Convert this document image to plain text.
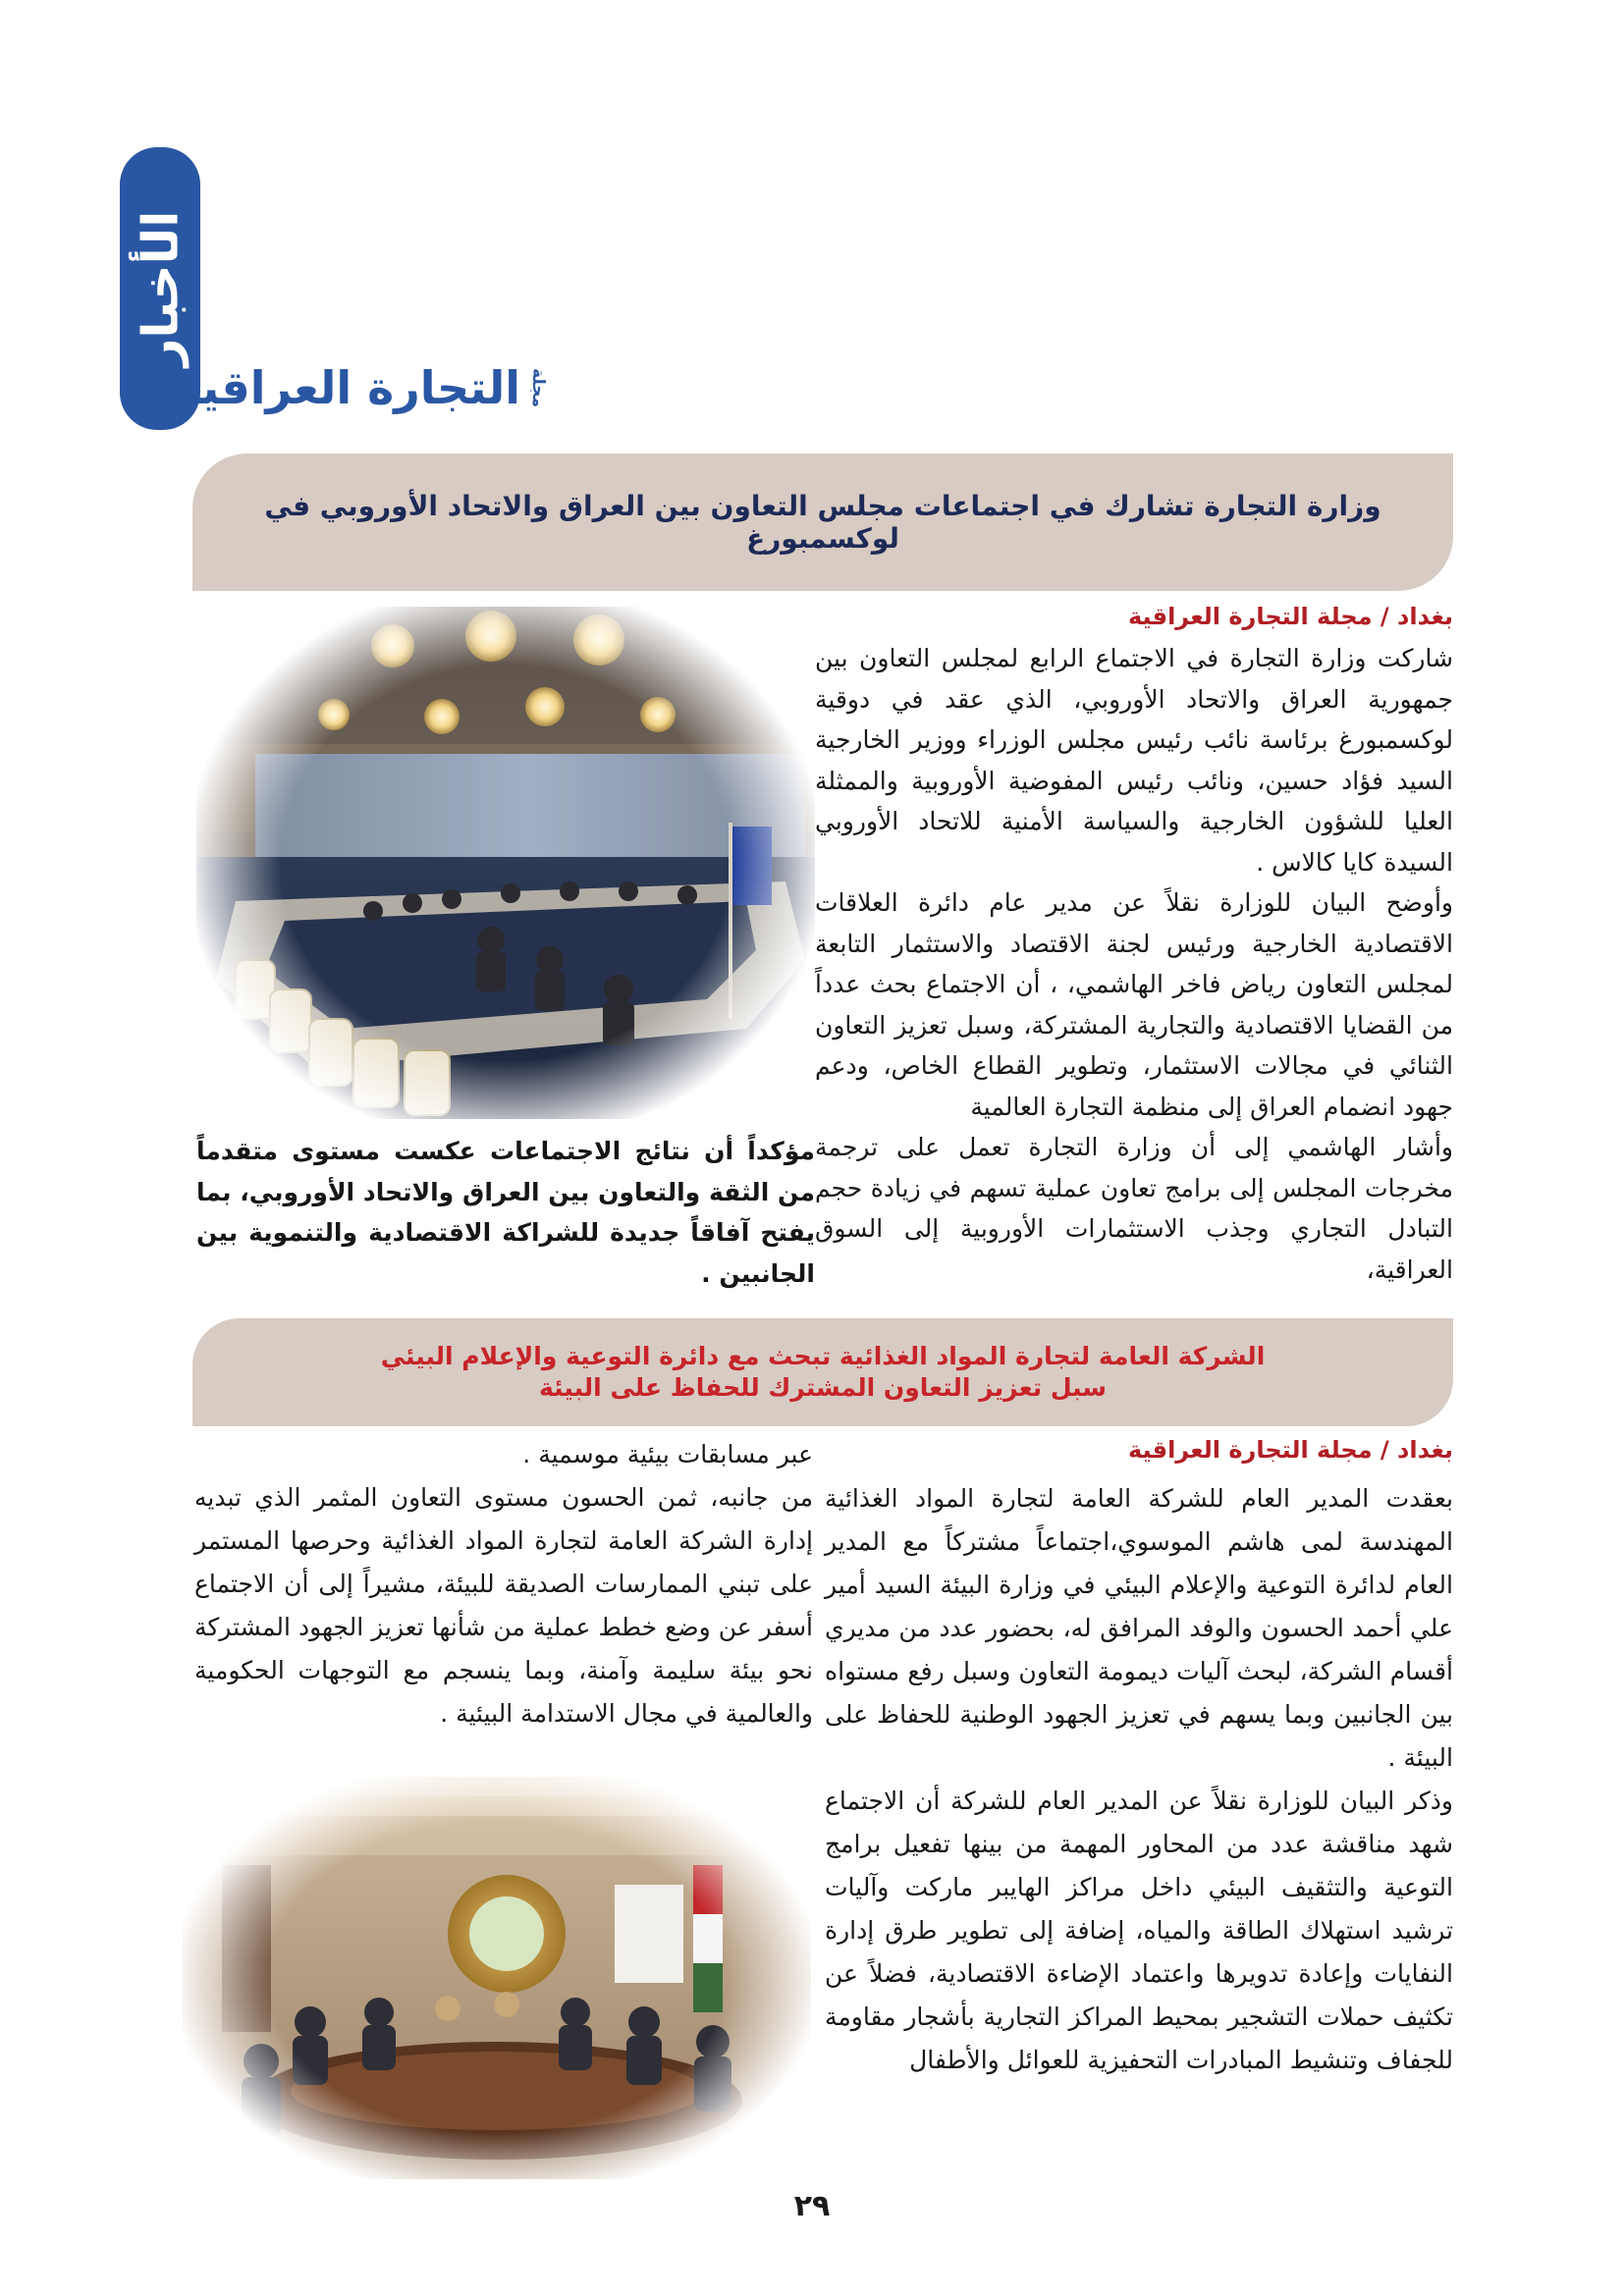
الأخبار
مجلة
التجارة العراقية
وزارة التجارة تشارك في اجتماعات مجلس التعاون بين العراق والاتحاد الأوروبي في لوكسمبورغ
بغداد / مجلة التجارة العراقية

شاركت وزارة التجارة في الاجتماع الرابع لمجلس التعاون بين جمهورية العراق والاتحاد الأوروبي، الذي عقد في دوقية لوكسمبورغ برئاسة نائب رئيس مجلس الوزراء ووزير الخارجية السيد فؤاد حسين، ونائب رئيس المفوضية الأوروبية والممثلة العليا للشؤون الخارجية والسياسة الأمنية للاتحاد الأوروبي السيدة كايا كالاس .

وأوضح البيان للوزارة نقلاً عن مدير عام دائرة العلاقات الاقتصادية الخارجية ورئيس لجنة الاقتصاد والاستثمار التابعة لمجلس التعاون رياض فاخر الهاشمي، ، أن الاجتماع بحث عدداً من القضايا الاقتصادية والتجارية المشتركة، وسبل تعزيز التعاون الثنائي في مجالات الاستثمار، وتطوير القطاع الخاص، ودعم جهود انضمام العراق إلى منظمة التجارة العالمية

وأشار الهاشمي إلى أن وزارة التجارة تعمل على ترجمة مخرجات المجلس إلى برامج تعاون عملية تسهم في زيادة حجم التبادل التجاري وجذب الاستثمارات الأوروبية إلى السوق العراقية،

مؤكداً أن نتائج الاجتماعات عكست مستوى متقدماً من الثقة والتعاون بين العراق والاتحاد الأوروبي، بما يفتح آفاقاً جديدة للشراكة الاقتصادية والتنموية بين الجانبين .
الشركة العامة لتجارة المواد الغذائية تبحث مع دائرة التوعية والإعلام البيئي
سبل تعزيز التعاون المشترك للحفاظ على البيئة
بغداد / مجلة التجارة العراقية

بعقدت المدير العام للشركة العامة لتجارة المواد الغذائية المهندسة لمى هاشم الموسوي،اجتماعاً مشتركاً مع المدير العام لدائرة التوعية والإعلام البيئي في وزارة البيئة السيد أمير علي أحمد الحسون والوفد المرافق له، بحضور عدد من مديري أقسام الشركة، لبحث آليات ديمومة التعاون وسبل رفع مستواه بين الجانبين وبما يسهم في تعزيز الجهود الوطنية للحفاظ على البيئة .

وذكر البيان للوزارة نقلاً عن المدير العام للشركة أن الاجتماع شهد مناقشة عدد من المحاور المهمة من بينها تفعيل برامج التوعية والتثقيف البيئي داخل مراكز الهايبر ماركت وآليات ترشيد استهلاك الطاقة والمياه، إضافة إلى تطوير طرق إدارة النفايات وإعادة تدويرها واعتماد الإضاءة الاقتصادية، فضلاً عن تكثيف حملات التشجير بمحيط المراكز التجارية بأشجار مقاومة للجفاف وتنشيط المبادرات التحفيزية للعوائل والأطفال

عبر مسابقات بيئية موسمية .

من جانبه، ثمن الحسون مستوى التعاون المثمر الذي تبديه إدارة الشركة العامة لتجارة المواد الغذائية وحرصها المستمر على تبني الممارسات الصديقة للبيئة، مشيراً إلى أن الاجتماع أسفر عن وضع خطط عملية من شأنها تعزيز الجهود المشتركة نحو بيئة سليمة وآمنة، وبما ينسجم مع التوجهات الحكومية والعالمية في مجال الاستدامة البيئية .

٢٩
